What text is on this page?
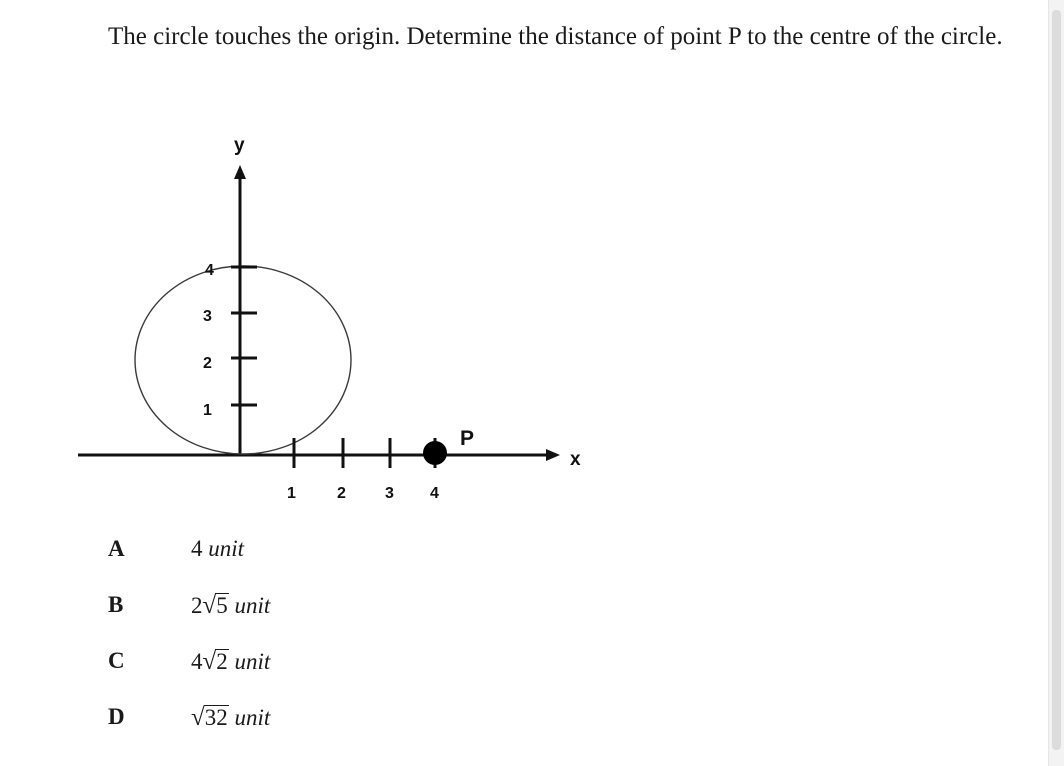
The circle touches the origin. Determine the distance of point P to the centre of the circle.

x
y
1
2
3
4
1	2 3 4
P
A	4 unit
B	2√5 unit
C	4√2 unit
D	√32 unit
